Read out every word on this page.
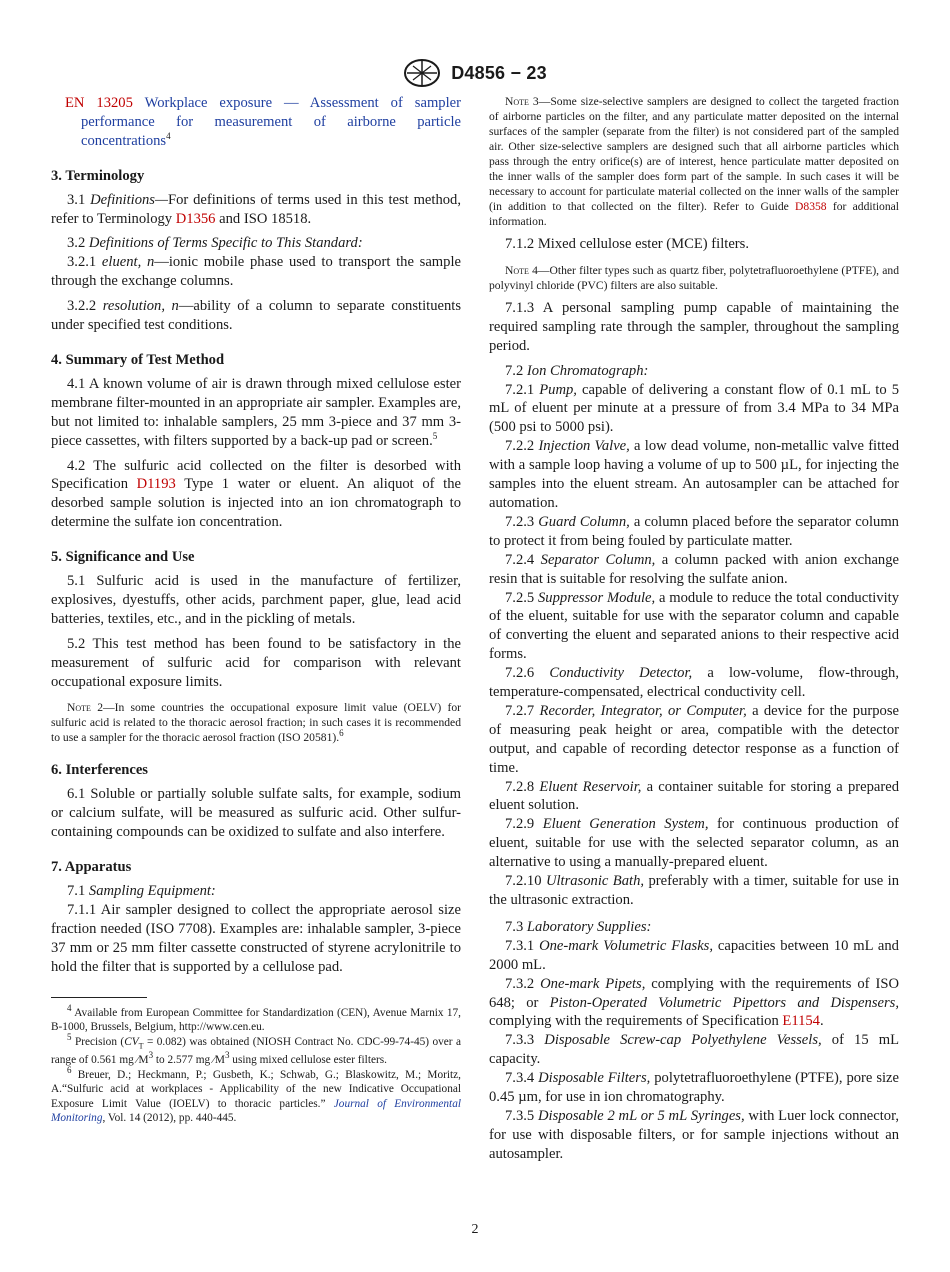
D4856 − 23

EN 13205 Workplace exposure — Assessment of sampler performance for measurement of airborne particle concentrations$^4$

3. Terminology

3.1 Definitions—For definitions of terms used in this test method, refer to Terminology D1356 and ISO 18518.

3.2 Definitions of Terms Specific to This Standard:

3.2.1 eluent, n—ionic mobile phase used to transport the sample through the exchange columns.

3.2.2 resolution, n—ability of a column to separate constituents under specified test conditions.

4. Summary of Test Method

4.1 A known volume of air is drawn through mixed cellulose ester membrane filter-mounted in an appropriate air sampler. Examples are, but not limited to: inhalable samplers, 25 mm 3-piece and 37 mm 3-piece cassettes, with filters supported by a back-up pad or screen.$^5$

4.2 The sulfuric acid collected on the filter is desorbed with Specification D1193 Type 1 water or eluent. An aliquot of the desorbed sample solution is injected into an ion chromatograph to determine the sulfate ion concentration.

5. Significance and Use

5.1 Sulfuric acid is used in the manufacture of fertilizer, explosives, dyestuffs, other acids, parchment paper, glue, lead acid batteries, textiles, etc., and in the pickling of metals.

5.2 This test method has been found to be satisfactory in the measurement of sulfuric acid for comparison with relevant occupational exposure limits.

Note 2—In some countries the occupational exposure limit value (OELV) for sulfuric acid is related to the thoracic aerosol fraction; in such cases it is recommended to use a sampler for the thoracic aerosol fraction (ISO 20581).$^6$

6. Interferences

6.1 Soluble or partially soluble sulfate salts, for example, sodium or calcium sulfate, will be measured as sulfuric acid. Other sulfur-containing compounds can be oxidized to sulfate and also interfere.

7. Apparatus

7.1 Sampling Equipment:

7.1.1 Air sampler designed to collect the appropriate aerosol size fraction needed (ISO 7708). Examples are: inhalable sampler, 3-piece 37 mm or 25 mm filter cassette constructed of styrene acrylonitrile to hold the filter that is supported by a cellulose pad.

$^4$ Available from European Committee for Standardization (CEN), Avenue Marnix 17, B-1000, Brussels, Belgium, http://www.cen.eu.

$^5$ Precision $(CV_T = 0.082)$ was obtained (NIOSH Contract No. CDC-99-74-45) over a range of 0.561 mg $⁄M^3$ to 2.577 mg $⁄M^3$ using mixed cellulose ester filters.

$^6$ Breuer, D.; Heckmann, P.; Gusbeth, K.; Schwab, G.; Blaskowitz, M.; Moritz, A.“Sulfuric acid at workplaces - Applicability of the new Indicative Occupational Exposure Limit Value (IOELV) to thoracic particles.” Journal of Environmental Monitoring, Vol. 14 (2012), pp. 440-445.

Note 3—Some size-selective samplers are designed to collect the targeted fraction of airborne particles on the filter, and any particulate matter deposited on the internal surfaces of the sampler (separate from the filter) is not considered part of the sampled air. Other size-selective samplers are designed such that all airborne particles which pass through the entry orifice(s) are of interest, hence particulate matter deposited on the inner walls of the sampler does form part of the sample. In such cases it will be necessary to account for particulate material collected on the inner walls of the sampler (in addition to that collected on the filter). Refer to Guide D8358 for additional information.

7.1.2 Mixed cellulose ester (MCE) filters.

Note 4—Other filter types such as quartz fiber, polytetrafluoroethylene (PTFE), and polyvinyl chloride (PVC) filters are also suitable.

7.1.3 A personal sampling pump capable of maintaining the required sampling rate through the sampler, throughout the sampling period.

7.2 Ion Chromatograph:

7.2.1 Pump, capable of delivering a constant flow of 0.1 mL to 5 mL of eluent per minute at a pressure of from 3.4 MPa to 34 MPa (500 psi to 5000 psi).

7.2.2 Injection Valve, a low dead volume, non-metallic valve fitted with a sample loop having a volume of up to 500 µL, for injecting the samples into the eluent stream. An autosampler can be attached for automation.

7.2.3 Guard Column, a column placed before the separator column to protect it from being fouled by particulate matter.

7.2.4 Separator Column, a column packed with anion exchange resin that is suitable for resolving the sulfate anion.

7.2.5 Suppressor Module, a module to reduce the total conductivity of the eluent, suitable for use with the separator column and capable of converting the eluent and separated anions to their respective acid forms.

7.2.6 Conductivity Detector, a low-volume, flow-through, temperature-compensated, electrical conductivity cell.

7.2.7 Recorder, Integrator, or Computer, a device for the purpose of measuring peak height or area, compatible with the detector output, and capable of recording detector response as a function of time.

7.2.8 Eluent Reservoir, a container suitable for storing a prepared eluent solution.

7.2.9 Eluent Generation System, for continuous production of eluent, suitable for use with the selected separator column, as an alternative to using a manually-prepared eluent.

7.2.10 Ultrasonic Bath, preferably with a timer, suitable for use in the ultrasonic extraction.

7.3 Laboratory Supplies:

7.3.1 One-mark Volumetric Flasks, capacities between 10 mL and 2000 mL.

7.3.2 One-mark Pipets, complying with the requirements of ISO 648; or Piston-Operated Volumetric Pipettors and Dispensers, complying with the requirements of Specification E1154.

7.3.3 Disposable Screw-cap Polyethylene Vessels, of 15 mL capacity.

7.3.4 Disposable Filters, polytetrafluoroethylene (PTFE), pore size 0.45 µm, for use in ion chromatography.

7.3.5 Disposable 2 mL or 5 mL Syringes, with Luer lock connector, for use with disposable filters, or for sample injections without an autosampler.

2
